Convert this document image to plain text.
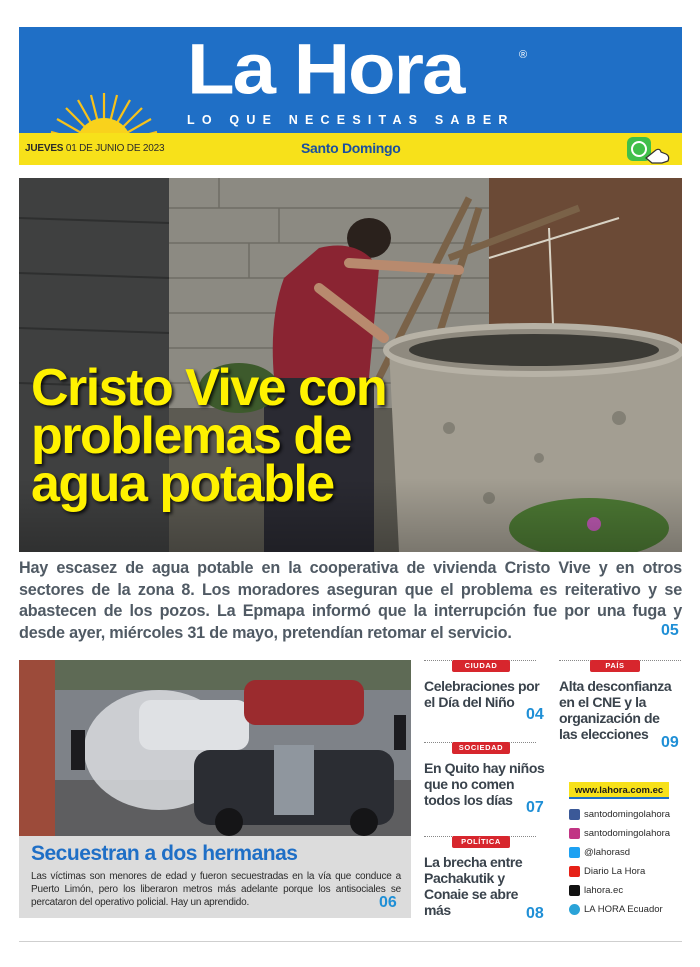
La Hora	®
LO QUE NECESITAS SABER
JUEVES 01 DE JUNIO DE 2023	Santo Domingo
Cristo Vive con
problemas de
agua potable

Hay escasez de agua potable en la cooperativa de vivienda Cristo Vive y en otros sectores de la zona 8. Los moradores aseguran que el problema es reiterativo y se abastecen de los pozos. La Epmapa informó que la interrupción fue por una fuga y desde ayer, miércoles 31 de mayo, pretendían retomar el servicio.	05
Secuestran a dos hermanas

Las víctimas son menores de edad y fueron secuestradas en la vía que conduce a Puerto Limón, pero los liberaron metros más adelante porque los antisociales se percataron del operativo policial. Hay un aprendido.	06
CIUDAD
Celebraciones por el Día del Niño
04
SOCIEDAD
En Quito hay niños que no comen todos los días 07
POLÍTICA
La brecha entre Pachakutik y Conaie se abre más	08
PAÍS
Alta desconfianza en el CNE y la organización de las elecciones 09
www.lahora.com.ec
santodomingolahora
santodomingolahora
@lahorasd
Diario La Hora
lahora.ec
LA HORA Ecuador
